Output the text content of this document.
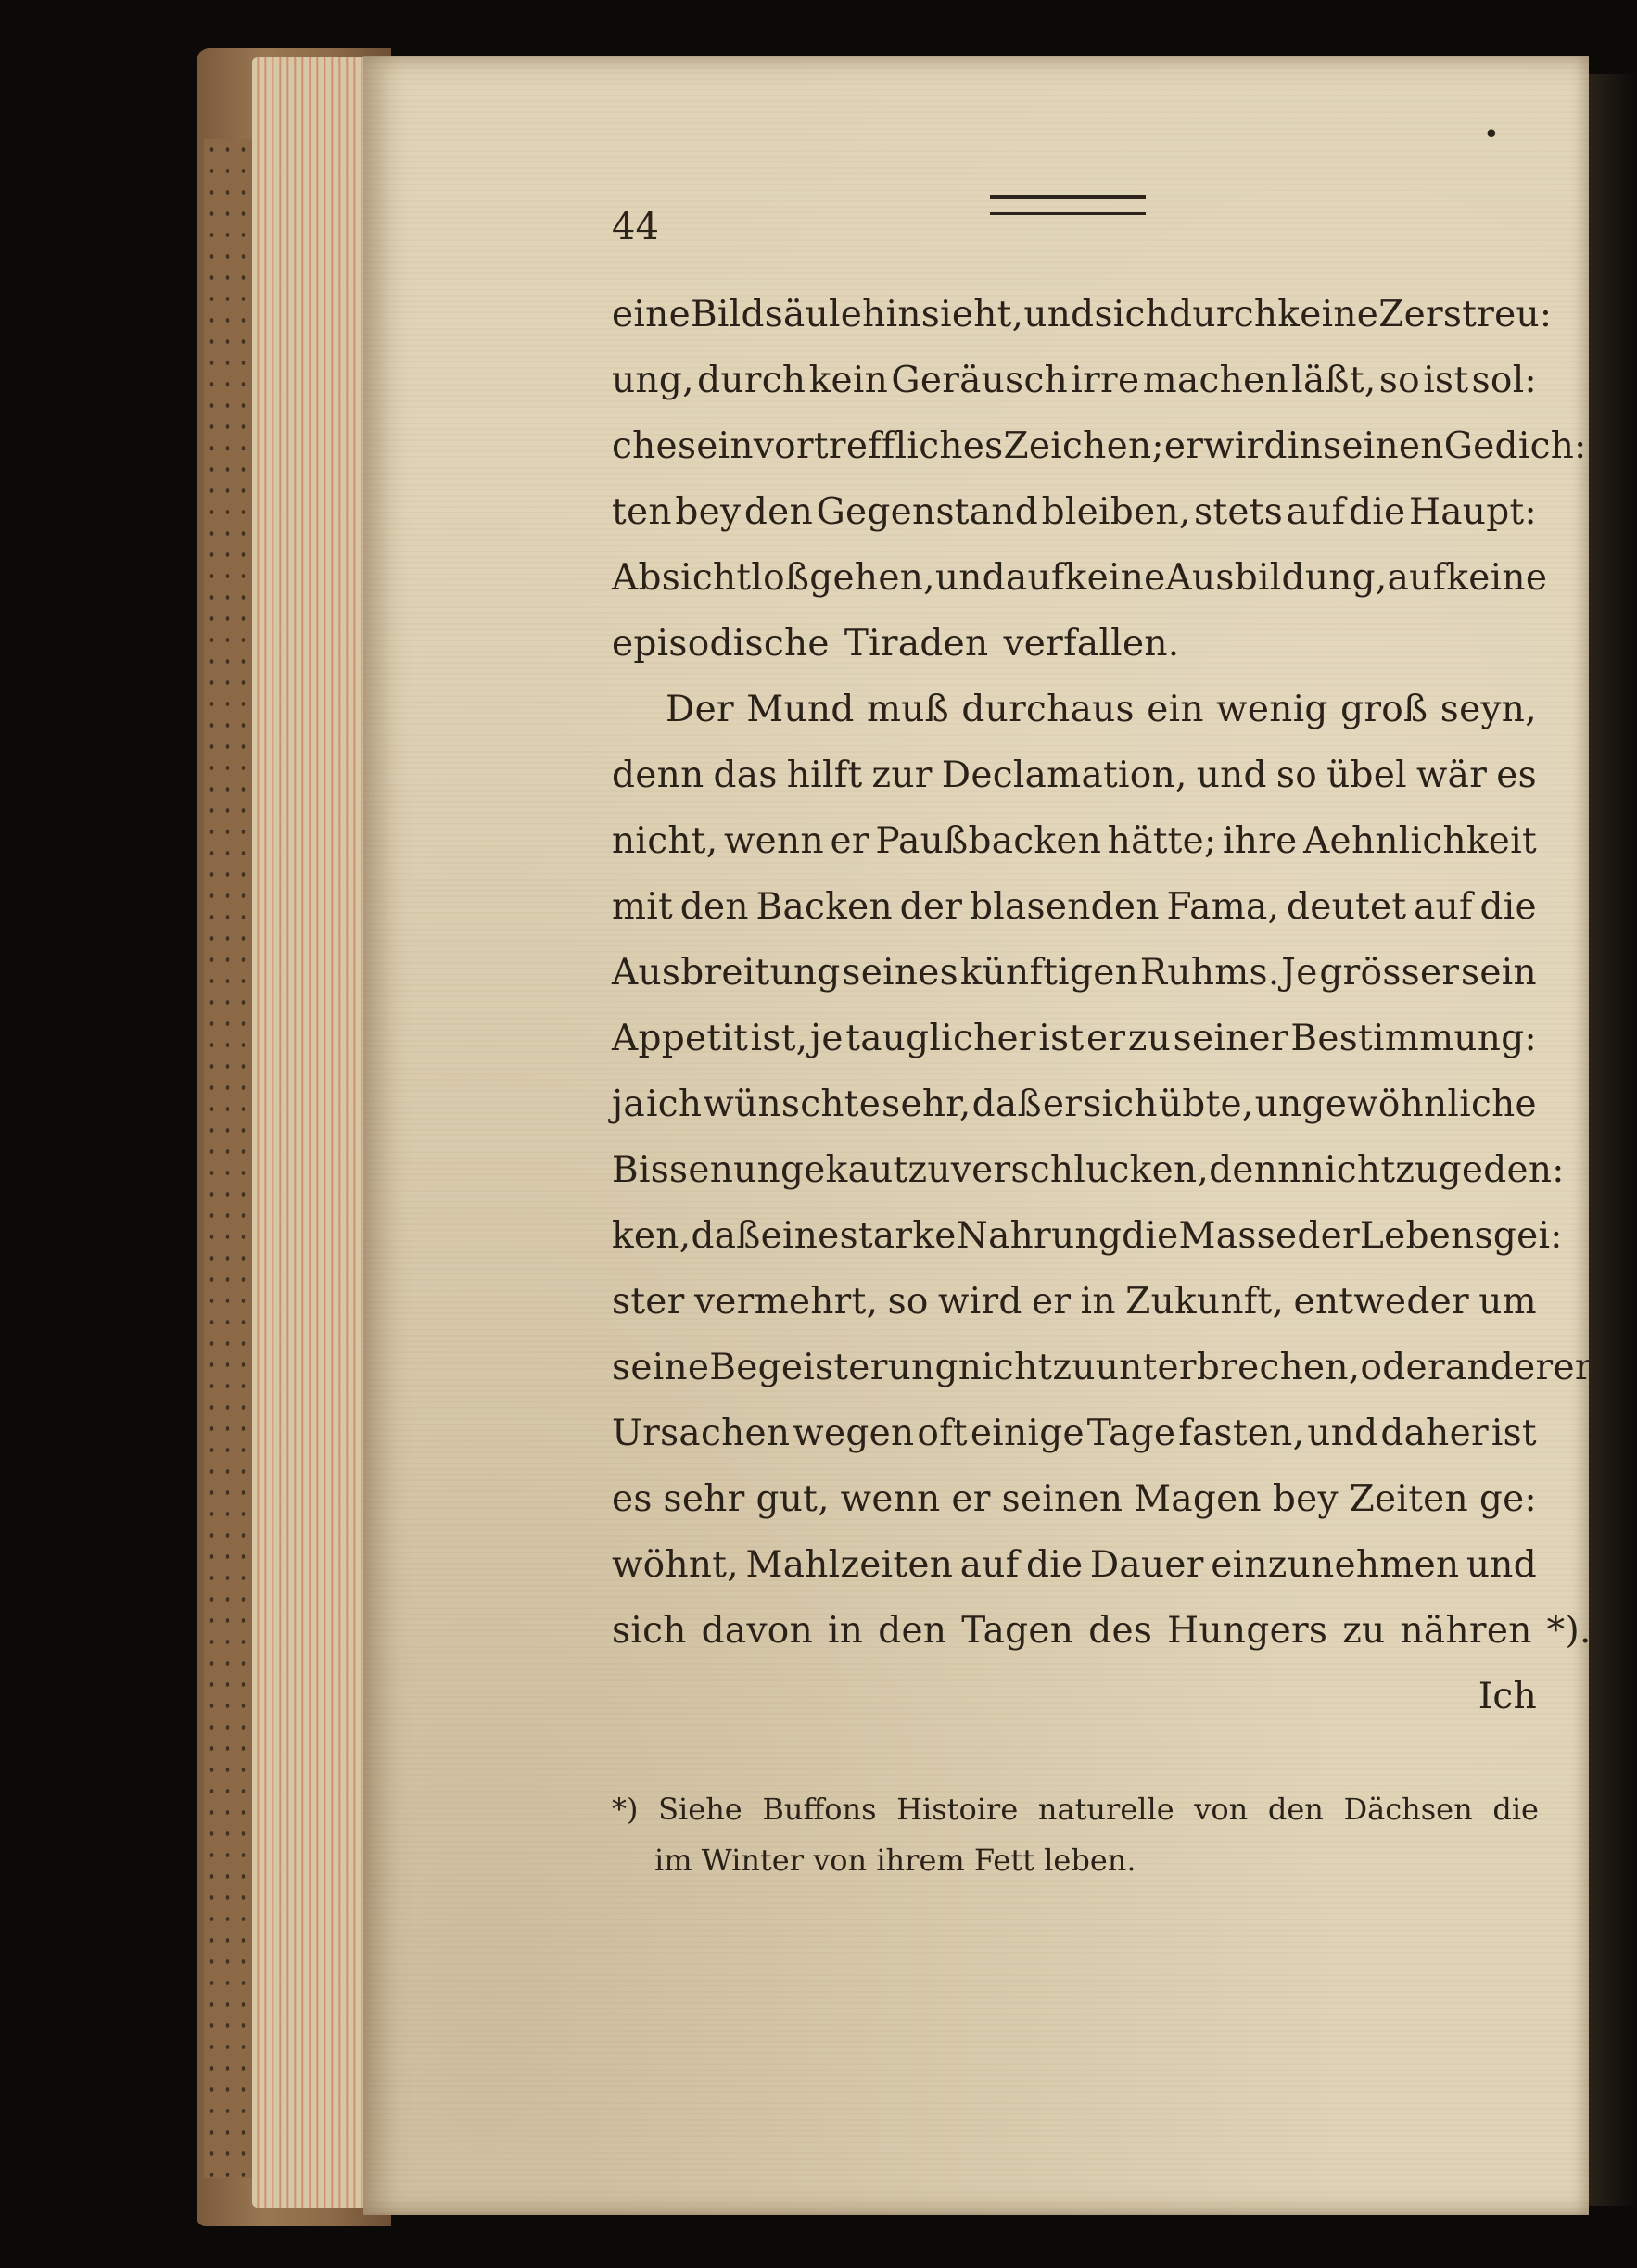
•
44
eine Bildsäule hinsieht, und sich durch keine Zerstreu:
ung, durch kein Geräusch irre machen läßt, so ist sol:
ches ein vortreffliches Zeichen; er wird in seinen Gedich:
ten bey den Gegenstand bleiben, stets auf die Haupt:
Absicht loßgehen, und auf keine Ausbildung, auf keine
episodische Tiraden verfallen.
Der Mund muß durchaus ein wenig groß seyn,
denn das hilft zur Declamation, und so übel wär es
nicht, wenn er Paußbacken hätte; ihre Aehnlichkeit
mit den Backen der blasenden Fama, deutet auf die
Ausbreitung seines künftigen Ruhms. Je grösser sein
Appetit ist, je tauglicher ist er zu seiner Bestimmung:
ja ich wünschte sehr, daß er sich übte, ungewöhnliche
Bissen ungekaut zu verschlucken, denn nicht zu geden:
ken, daß eine starke Nahrung die Masse der Lebensgei:
ster vermehrt, so wird er in Zukunft, entweder um
seine Begeisterung nicht zu unterbrechen, oder anderer
Ursachen wegen oft einige Tage fasten, und daher ist
es sehr gut, wenn er seinen Magen bey Zeiten ge:
wöhnt, Mahlzeiten auf die Dauer einzunehmen und
sich davon in den Tagen des Hungers zu nähren *).
Ich
*) Siehe Buffons Histoire naturelle von den Dächsen die
im Winter von ihrem Fett leben.
